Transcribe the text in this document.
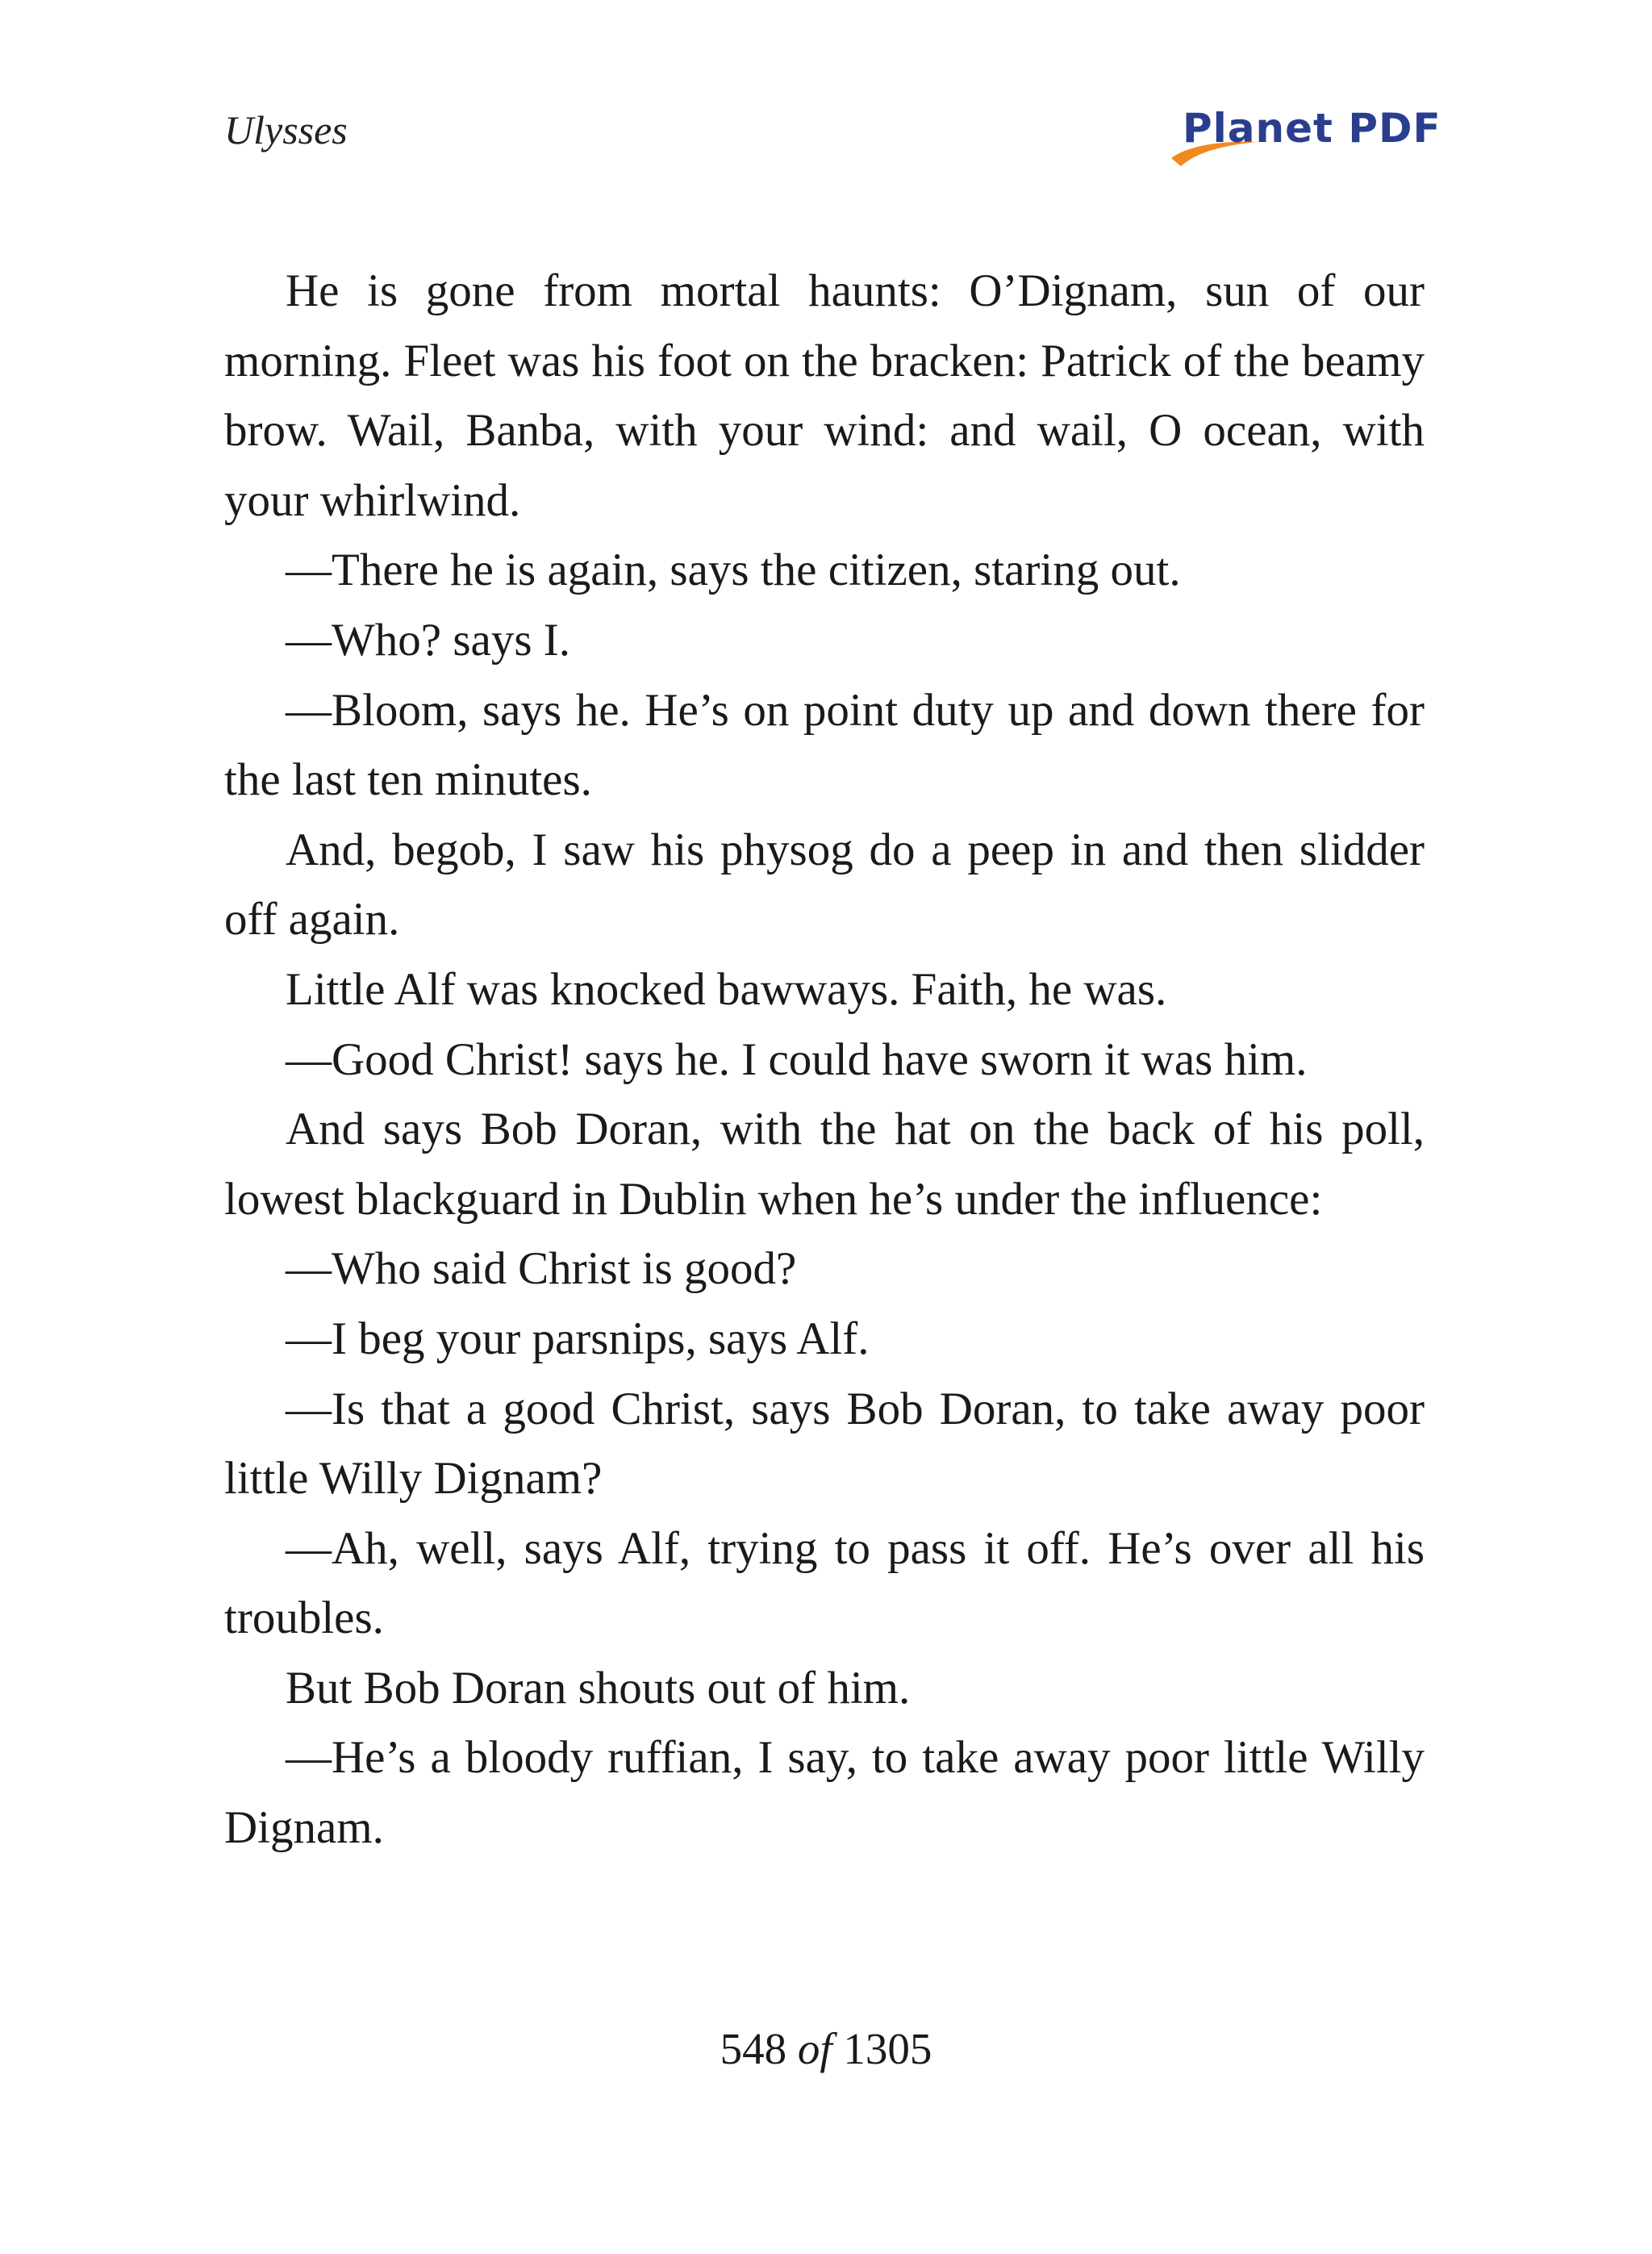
Ulysses	Planet PDF

He is gone from mortal haunts: O’Dignam, sun of our morning. Fleet was his foot on the bracken: Patrick of the beamy brow. Wail, Banba, with your wind: and wail, O ocean, with your whirlwind.

—There he is again, says the citizen, staring out.

—Who? says I.

—Bloom, says he. He’s on point duty up and down there for the last ten minutes.

And, begob, I saw his physog do a peep in and then slidder off again.

Little Alf was knocked bawways. Faith, he was.

—Good Christ! says he. I could have sworn it was him.

And says Bob Doran, with the hat on the back of his poll, lowest blackguard in Dublin when he’s under the influence:

—Who said Christ is good?

—I beg your parsnips, says Alf.

—Is that a good Christ, says Bob Doran, to take away poor little Willy Dignam?

—Ah, well, says Alf, trying to pass it off. He’s over all his troubles.

But Bob Doran shouts out of him.

—He’s a bloody ruffian, I say, to take away poor little Willy Dignam.

548 of 1305
